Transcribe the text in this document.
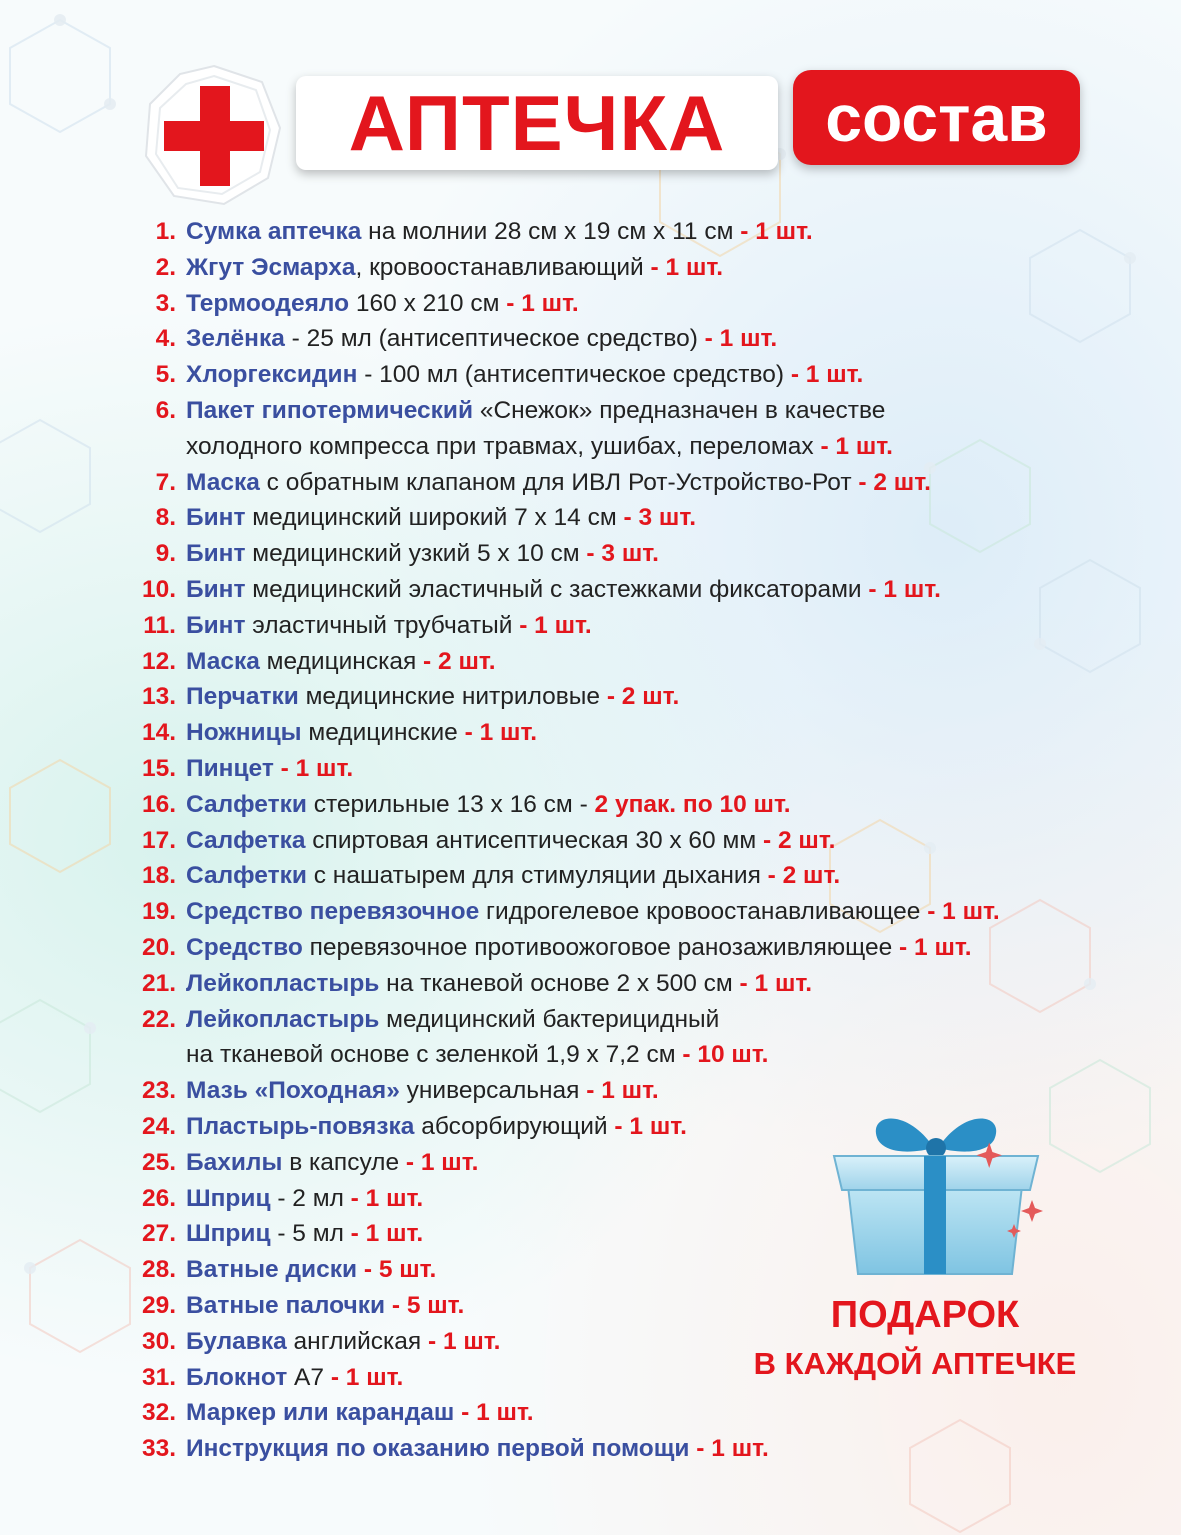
АПТЕЧКА состав
1. Сумка аптечка на молнии 28 см х 19 см х 11 см - 1 шт.
2. Жгут Эсмарха, кровоостанавливающий - 1 шт.
3. Термоодеяло 160 х 210 см - 1 шт.
4. Зелёнка - 25 мл (антисептическое средство) - 1 шт.
5. Хлоргексидин - 100 мл (антисептическое средство) - 1 шт.
6. Пакет гипотермический «Снежок» предназначен в качестве
холодного компресса при травмах, ушибах, переломах - 1 шт.
7. Маска с обратным клапаном для ИВЛ Рот-Устройство-Рот - 2 шт.
8. Бинт медицинский широкий 7 х 14 см - 3 шт.
9. Бинт медицинский узкий 5 х 10 см - 3 шт.
10. Бинт медицинский эластичный с застежками фиксаторами - 1 шт.
11. Бинт эластичный трубчатый - 1 шт.
12. Маска медицинская - 2 шт.
13. Перчатки медицинские нитриловые - 2 шт.
14. Ножницы медицинские - 1 шт.
15. Пинцет - 1 шт.
16. Салфетки стерильные 13 х 16 см - 2 упак. по 10 шт.
17. Салфетка спиртовая антисептическая 30 х 60 мм - 2 шт.
18. Салфетки с нашатырем для стимуляции дыхания - 2 шт.
19. Средство перевязочное гидрогелевое кровоостанавливающее - 1 шт.
20. Средство перевязочное противоожоговое ранозаживляющее - 1 шт.
21. Лейкопластырь на тканевой основе 2 х 500 см - 1 шт.
22. Лейкопластырь медицинский бактерицидный
на тканевой основе с зеленкой 1,9 х 7,2 см - 10 шт.
23. Мазь «Походная» универсальная - 1 шт.
24. Пластырь-повязка абсорбирующий - 1 шт.
25. Бахилы в капсуле - 1 шт.
26. Шприц - 2 мл - 1 шт.
27. Шприц - 5 мл - 1 шт.
28. Ватные диски - 5 шт.
29. Ватные палочки - 5 шт.
30. Булавка английская - 1 шт.
31. Блокнот А7 - 1 шт.
32. Маркер или карандаш - 1 шт.
33. Инструкция по оказанию первой помощи - 1 шт.
ПОДАРОК
В КАЖДОЙ АПТЕЧКЕ
